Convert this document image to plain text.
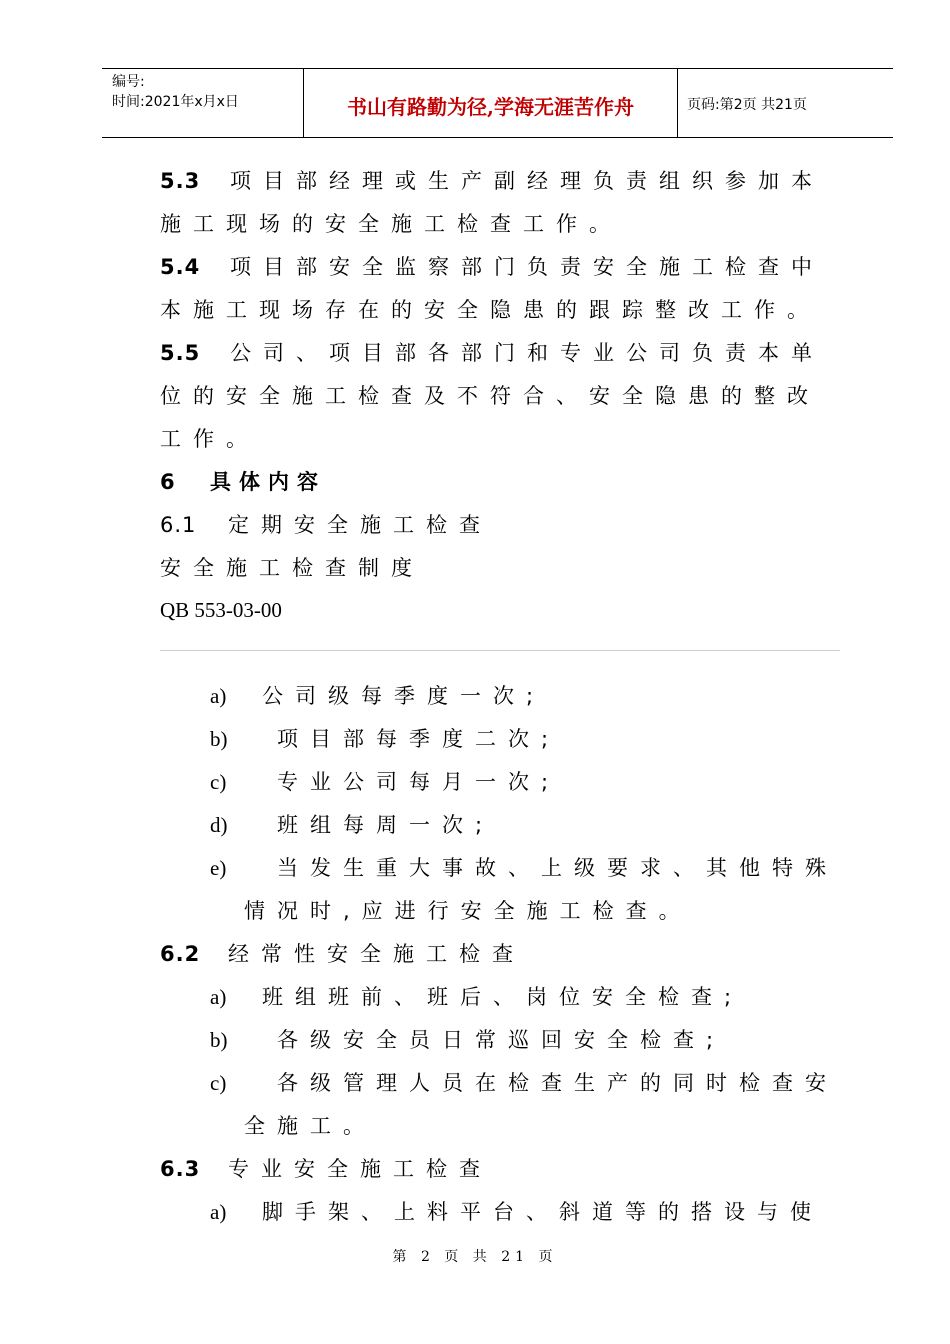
编号:
时间:2021年x月x日	书山有路勤为径,学海无涯苦作舟	页码:第2页 共21页
5.3 项目部经理或生产副经理负责组织参加本
施工现场的安全施工检查工作。
5.4 项目部安全监察部门负责安全施工检查中
本施工现场存在的安全隐患的跟踪整改工作。
5.5 公司、项目部各部门和专业公司负责本单
位的安全施工检查及不符合、安全隐患的整改
工作。
6 具体内容
6.1 定期安全施工检查
安全施工检查制度
QB 553-03-00
a) 公司级每季度一次;
b) 项目部每季度二次;
c) 专业公司每月一次;
d) 班组每周一次;
e) 当发生重大事故、上级要求、其他特殊
情况时,应进行安全施工检查。
6.2 经常性安全施工检查
a) 班组班前、班后、岗位安全检查;
b) 各级安全员日常巡回安全检查;
c) 各级管理人员在检查生产的同时检查安
全施工。
6.3 专业安全施工检查
a) 脚手架、上料平台、斜道等的搭设与使
第 2 页 共 21 页
